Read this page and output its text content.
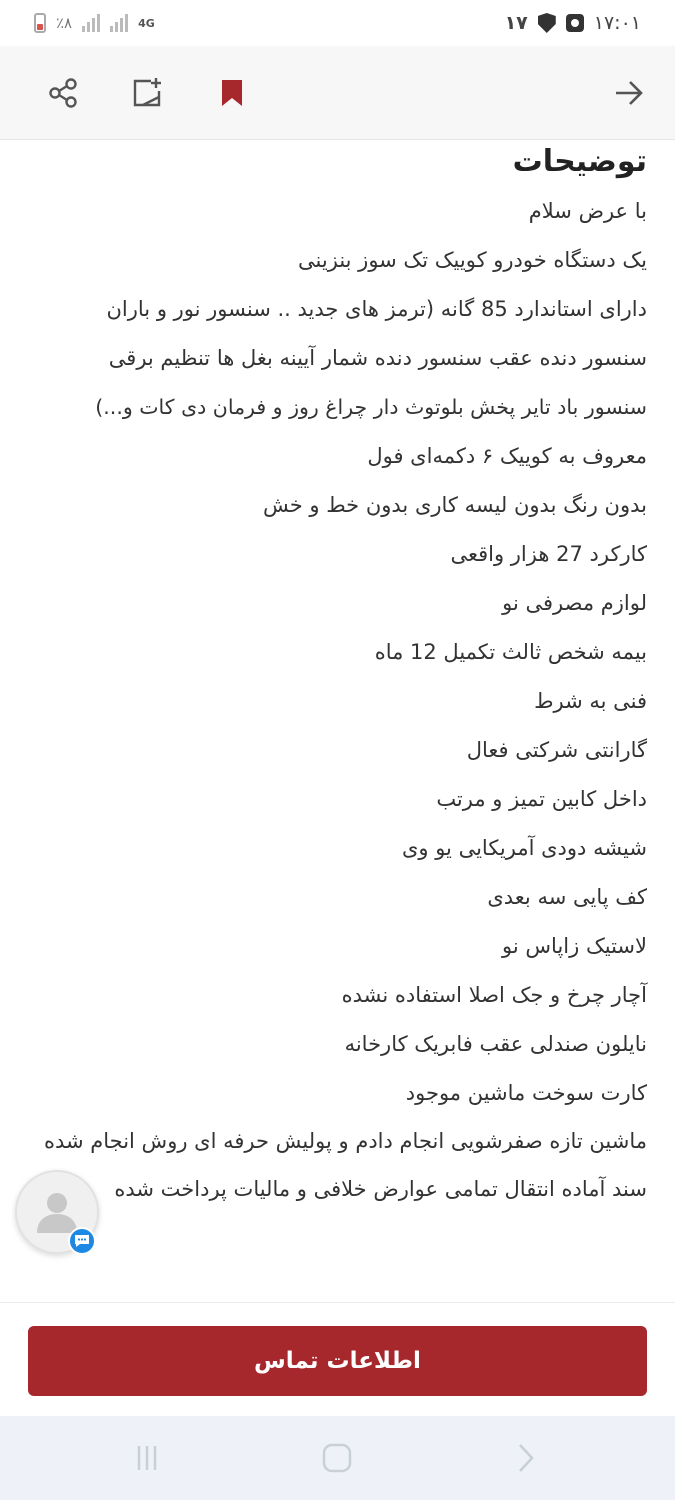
٪۸	4G	۱۷	۱۷:۰۱
توضیحات
با عرض سلام
یک دستگاه خودرو کوییک تک سوز بنزینی
دارای استاندارد 85 گانه (ترمز های جدید .. سنسور نور و باران
سنسور دنده عقب سنسور دنده شمار آیینه بغل ها تنظیم برقی
سنسور باد تایر پخش بلوتوث دار چراغ روز و فرمان دی کات و...)
معروف به کوییک ۶ دکمه‌ای فول
بدون رنگ بدون لیسه کاری بدون خط و خش
کارکرد 27 هزار واقعی
لوازم مصرفی نو
بیمه شخص ثالث تکمیل 12 ماه
فنی به شرط
گارانتی شرکتی فعال
داخل کابین تمیز و مرتب
شیشه دودی آمریکایی یو وی
کف پایی سه بعدی
لاستیک زاپاس نو
آچار چرخ و جک اصلا استفاده نشده
نایلون صندلی عقب فابریک کارخانه
کارت سوخت ماشین موجود
ماشین تازه صفرشویی انجام دادم و پولیش حرفه ای روش انجام شده
سند آماده انتقال تمامی عوارض خلافی و مالیات پرداخت شده
اطلاعات تماس
